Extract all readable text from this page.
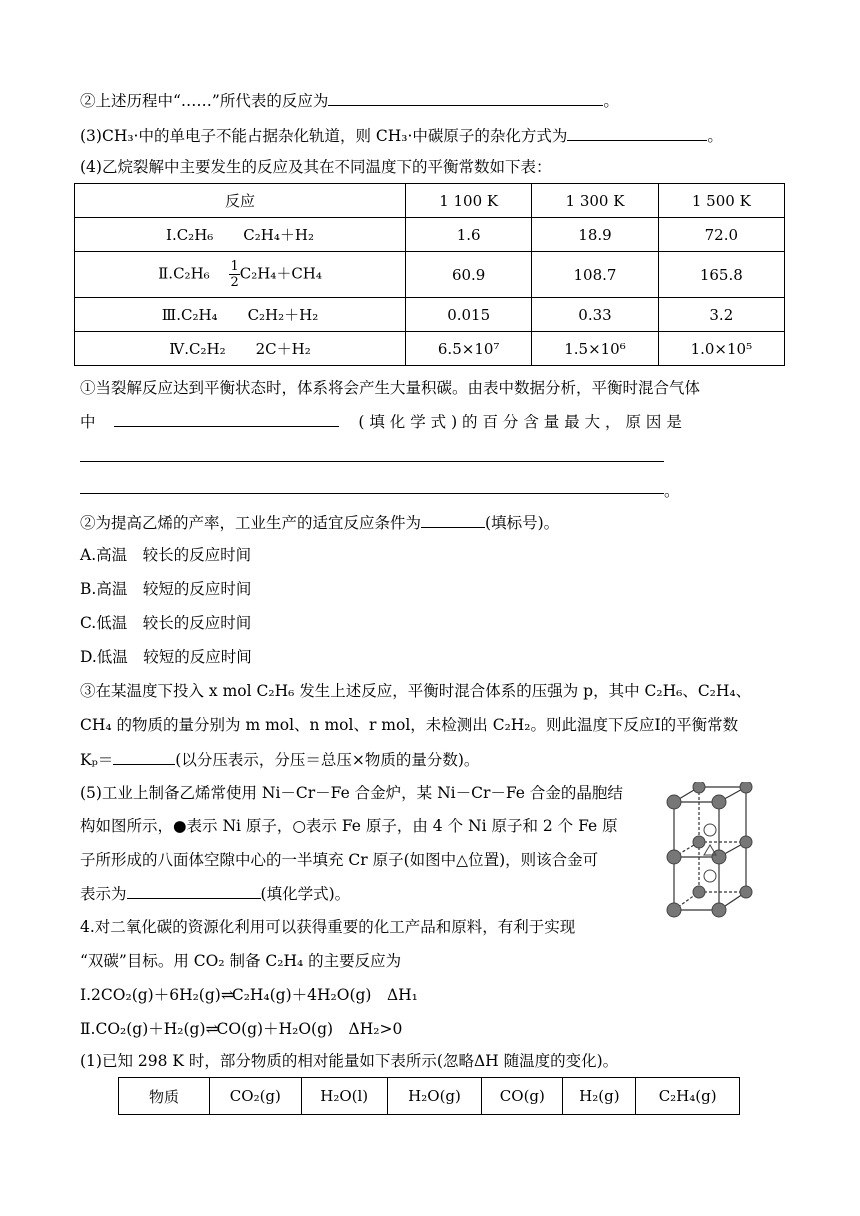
②上述历程中“……”所代表的反应为	。
(3)CH₃·中的单电子不能占据杂化轨道，则 CH₃·中碳原子的杂化方式为	。
(4)乙烷裂解中主要发生的反应及其在不同温度下的平衡常数如下表：
反应	1 100 K	1 300 K	1 500 K
Ⅰ.C₂H₆　　C₂H₄＋H₂	1.6	18.9	72.0
Ⅱ.C₂H₆　 $\frac{1}{2} C_2H_4+CH_4$	60.9	108.7	165.8
Ⅲ.C₂H₄　　C₂H₂＋H₂	0.015	0.33	3.2
Ⅳ.C₂H₂　　2C＋H₂	6.5×10⁷	1.5×10⁶	1.0×10⁵
①当裂解反应达到平衡状态时，体系将会产生大量积碳。由表中数据分析，平衡时混合气体
中	( 填 化 学 式 ) 的 百 分 含 量 最 大 ， 原 因 是
。
②为提高乙烯的产率，工业生产的适宜反应条件为	(填标号)。
A.高温　较长的反应时间
B.高温　较短的反应时间
C.低温　较长的反应时间
D.低温　较短的反应时间
③在某温度下投入 x mol C₂H₆ 发生上述反应，平衡时混合体系的压强为 p，其中 C₂H₆、C₂H₄、
CH₄ 的物质的量分别为 m mol、n mol、r mol，未检测出 C₂H₂。则此温度下反应Ⅰ的平衡常数
Kₚ＝	(以分压表示，分压＝总压×物质的量分数)。
(5)工业上制备乙烯常使用 Ni－Cr－Fe 合金炉，某 Ni－Cr－Fe 合金的晶胞结
构如图所示，●表示 Ni 原子，○表示 Fe 原子，由 4 个 Ni 原子和 2 个 Fe 原
子所形成的八面体空隙中心的一半填充 Cr 原子(如图中△位置)，则该合金可
表示为	(填化学式)。
4.对二氧化碳的资源化利用可以获得重要的化工产品和原料，有利于实现
“双碳”目标。用 CO₂ 制备 C₂H₄ 的主要反应为
Ⅰ.2CO₂(g)＋6H₂(g)⇌C₂H₄(g)＋4H₂O(g)　ΔH₁
Ⅱ.CO₂(g)＋H₂(g)⇌CO(g)＋H₂O(g)　ΔH₂>0
(1)已知 298 K 时，部分物质的相对能量如下表所示(忽略ΔH 随温度的变化)。
物质	CO₂(g)	H₂O(l)	H₂O(g)	CO(g)	H₂(g)	C₂H₄(g)
